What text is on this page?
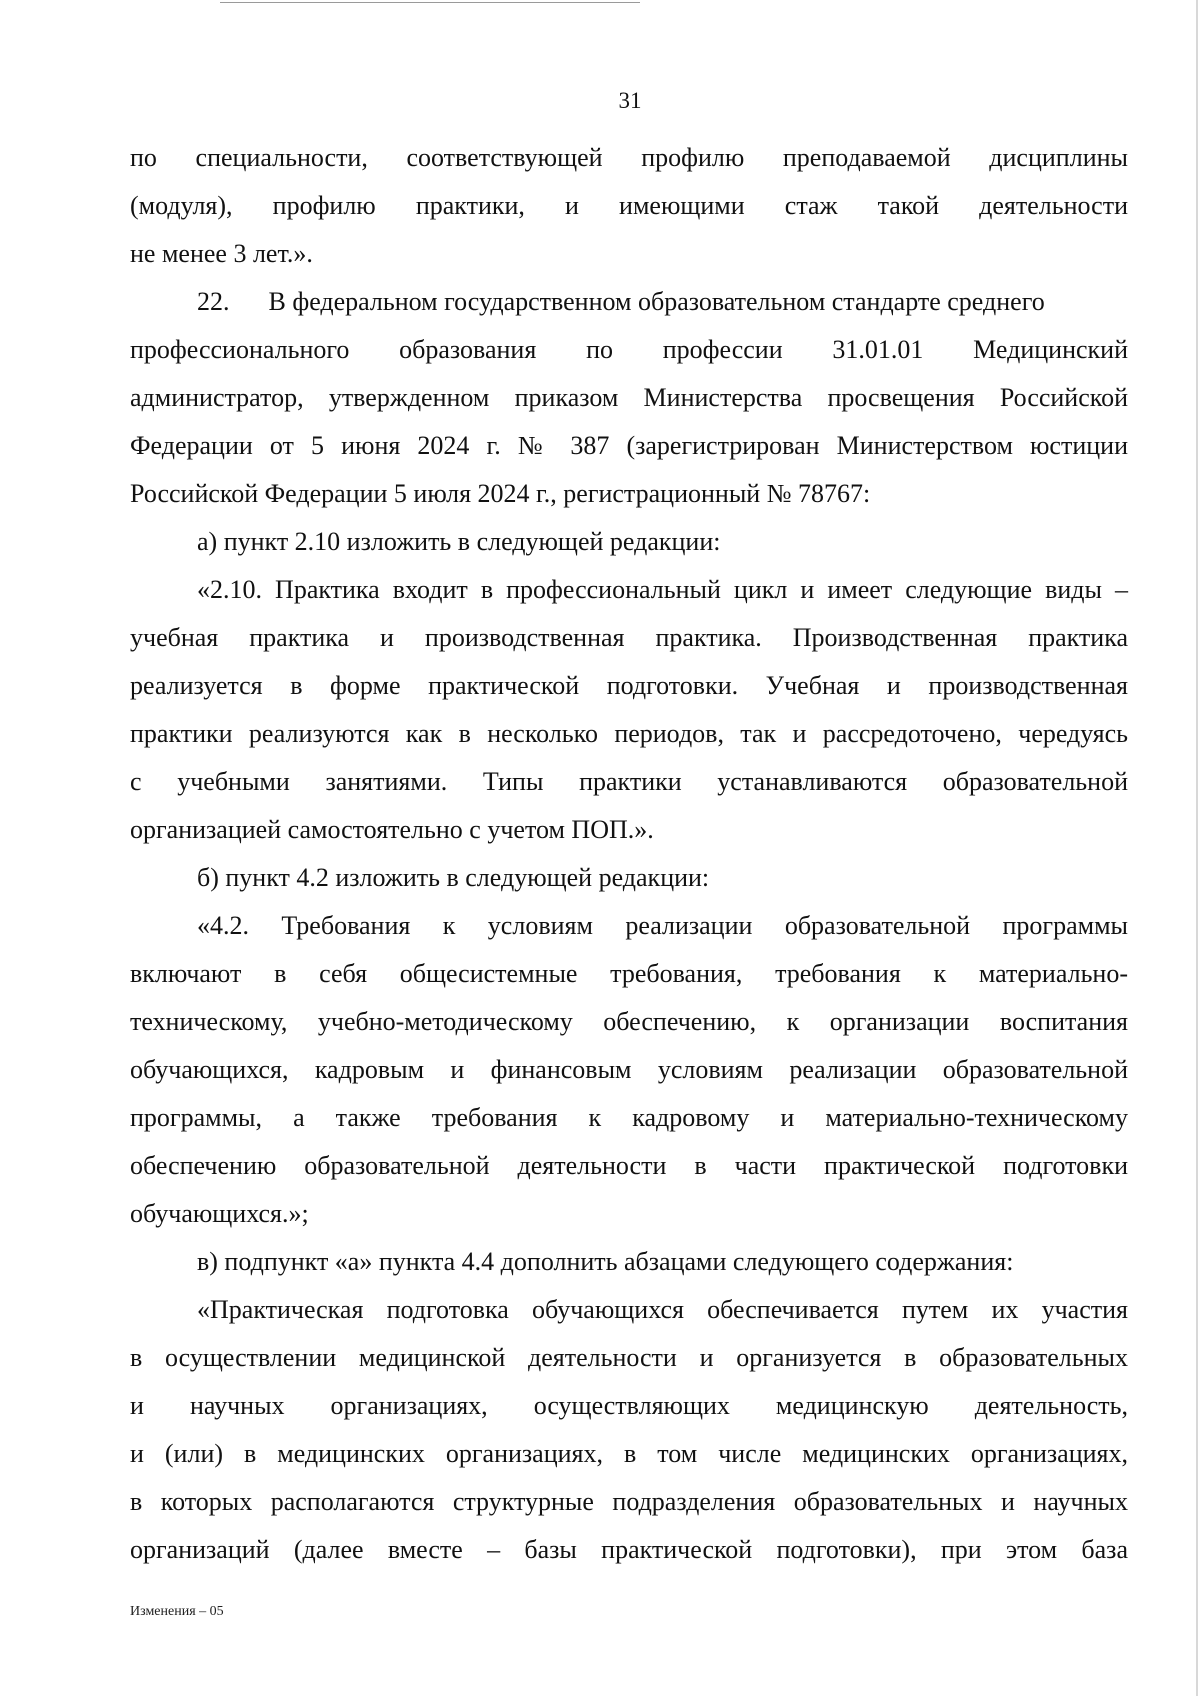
31

по специальности, соответствующей профилю преподаваемой дисциплины

(модуля), профилю практики, и имеющими стаж такой деятельности

не менее 3 лет.».

22.      В федеральном государственном образовательном стандарте среднего

профессионального образования по профессии 31.01.01 Медицинский

администратор, утвержденном приказом Министерства просвещения Российской

Федерации от 5 июня 2024 г. № 387 (зарегистрирован Министерством юстиции

Российской Федерации 5 июля 2024 г., регистрационный № 78767:

а) пункт 2.10 изложить в следующей редакции:

«2.10. Практика входит в профессиональный цикл и имеет следующие виды –

учебная практика и производственная практика. Производственная практика

реализуется в форме практической подготовки. Учебная и производственная

практики реализуются как в несколько периодов, так и рассредоточено, чередуясь

с учебными занятиями. Типы практики устанавливаются образовательной

организацией самостоятельно с учетом ПОП.».

б) пункт 4.2 изложить в следующей редакции:

«4.2. Требования к условиям реализации образовательной программы

включают в себя общесистемные требования, требования к материально-

техническому, учебно-методическому обеспечению, к организации воспитания

обучающихся, кадровым и финансовым условиям реализации образовательной

программы, а также требования к кадровому и материально-техническому

обеспечению образовательной деятельности в части практической подготовки

обучающихся.»;

в) подпункт «а» пункта 4.4 дополнить абзацами следующего содержания:

«Практическая подготовка обучающихся обеспечивается путем их участия

в осуществлении медицинской деятельности и организуется в образовательных

и научных организациях, осуществляющих медицинскую деятельность,

и (или) в медицинских организациях, в том числе медицинских организациях,

в которых располагаются структурные подразделения образовательных и научных

организаций (далее вместе – базы практической подготовки), при этом база

Изменения – 05
